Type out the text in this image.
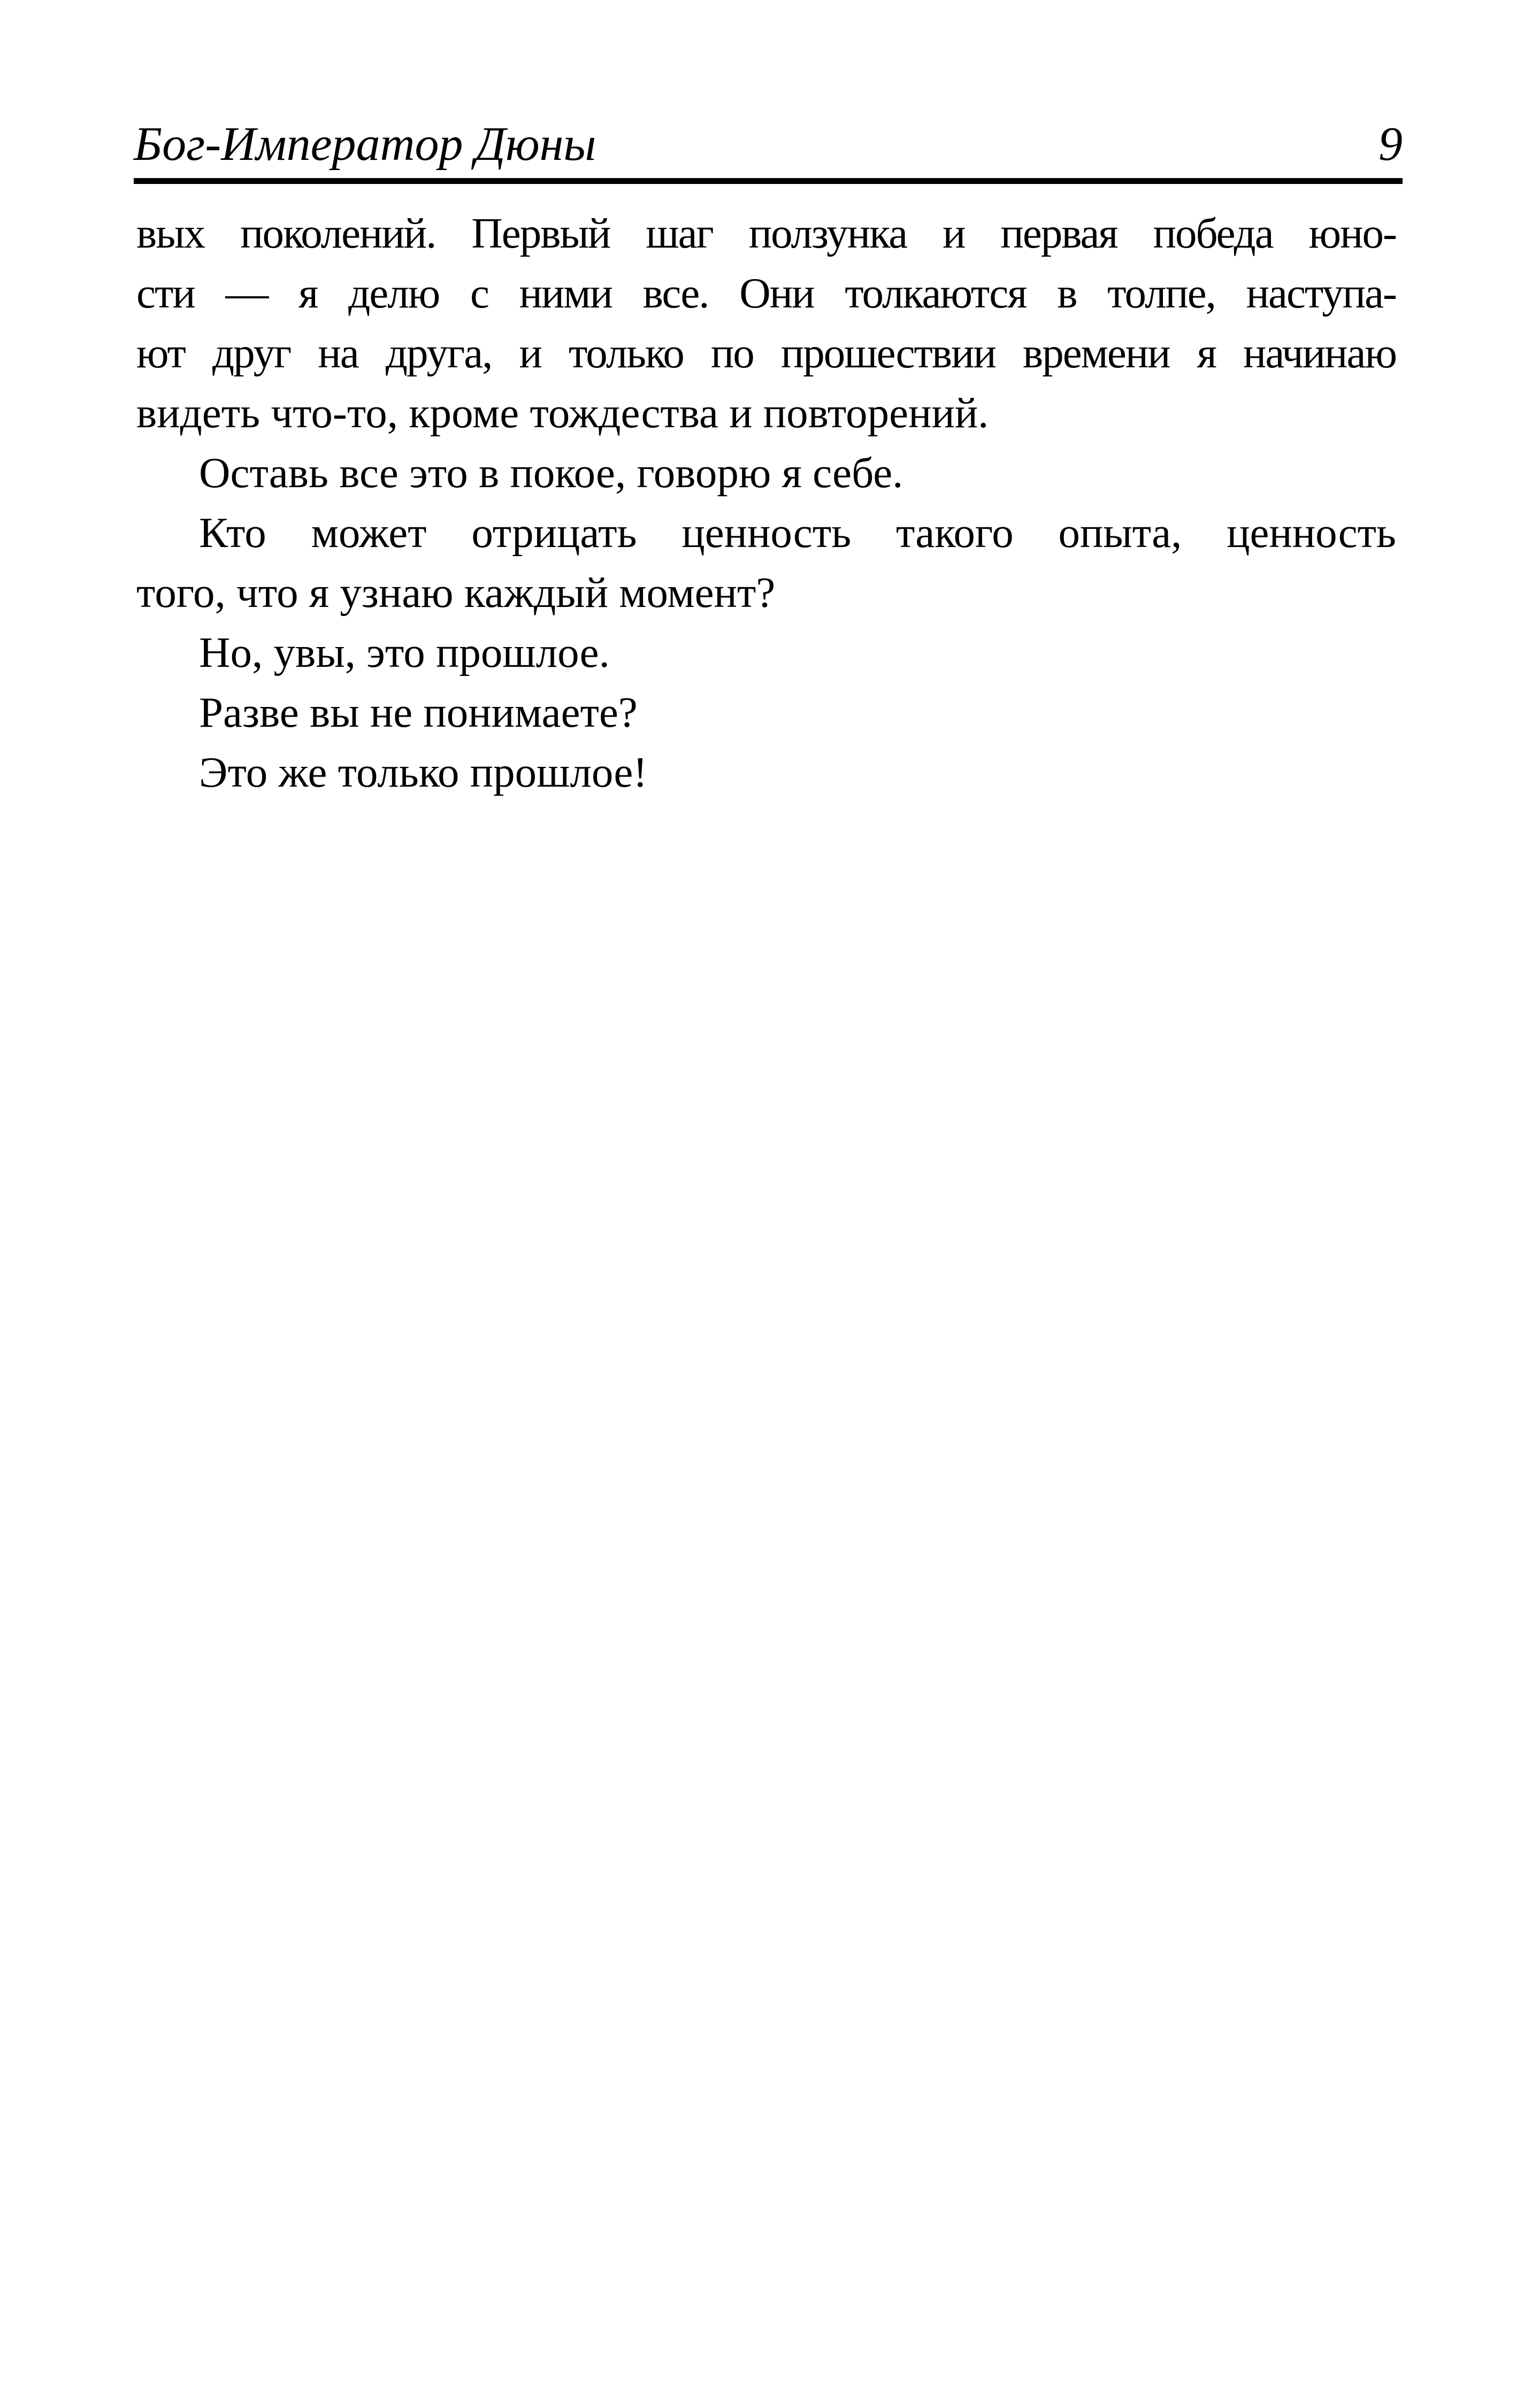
Бог-Император Дюны	9
вых поколений. Первый шаг ползунка и первая победа юно-
сти — я делю с ними все. Они толкаются в толпе, наступа-
ют друг на друга, и только по прошествии времени я начинаю
видеть что-то, кроме тождества и повторений.
Оставь все это в покое, говорю я себе.
Кто может отрицать ценность такого опыта, ценность
того, что я узнаю каждый момент?
Но, увы, это прошлое.
Разве вы не понимаете?
Это же только прошлое!
